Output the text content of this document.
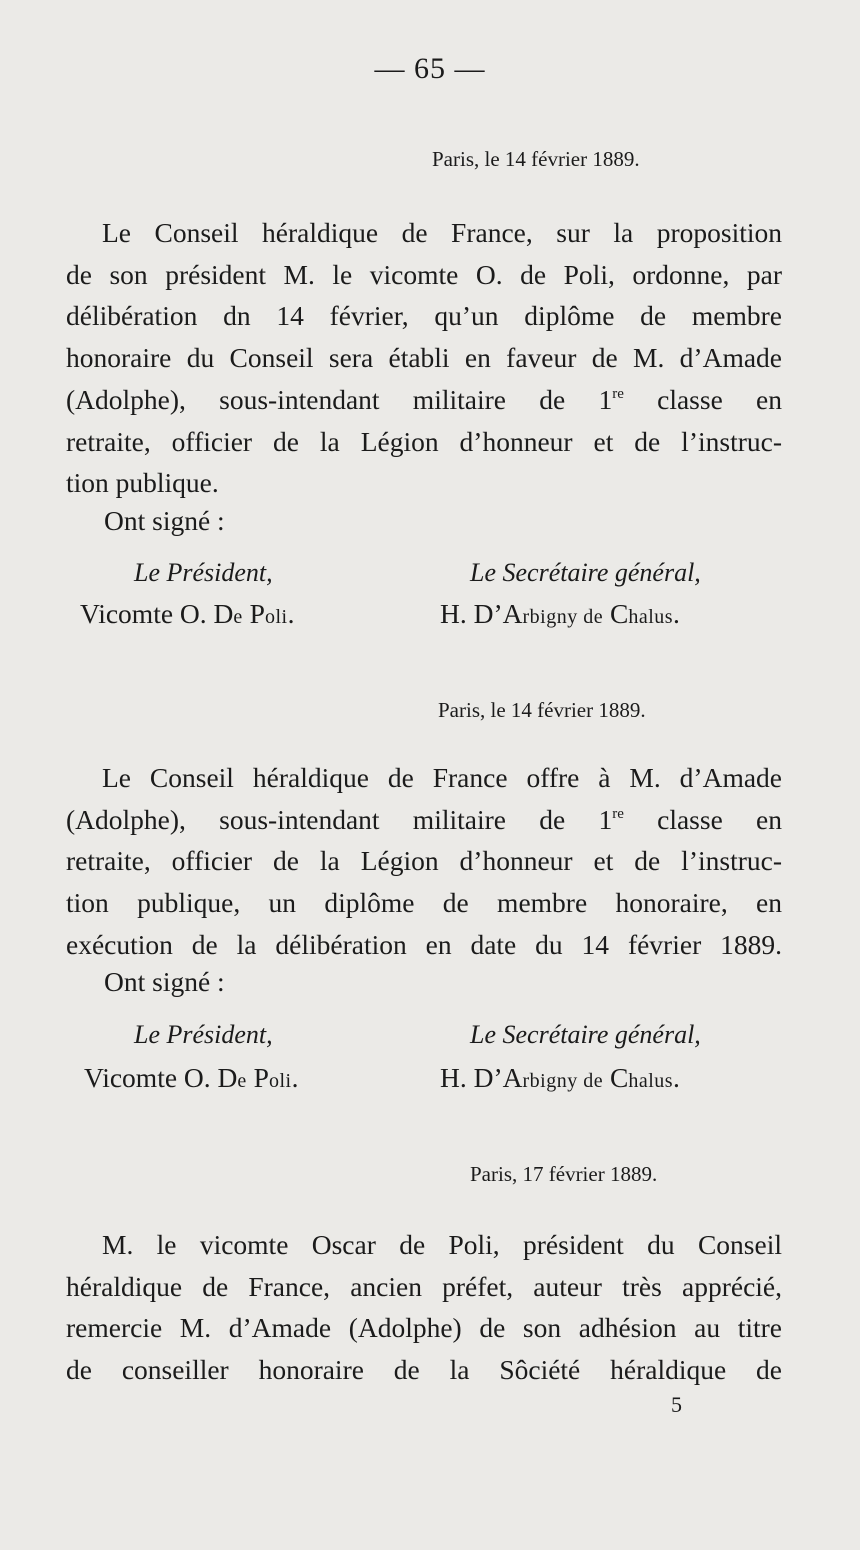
— 65 —
Paris, le 14 février 1889.
Le Conseil héraldique de France, sur la proposition
de son président M. le vicomte O. de Poli, ordonne, par
délibération dn 14 février, qu’un diplôme de membre
honoraire du Conseil sera établi en faveur de M. d’Amade
(Adolphe), sous-intendant militaire de 1re classe en
retraite, officier de la Légion d’honneur et de l’instruc-
tion publique.
Ont signé :
Le Président,	Le Secrétaire général,
Vicomte O. De Poli.	H. D’Arbigny de Chalus.
Paris, le 14 février 1889.
Le Conseil héraldique de France offre à M. d’Amade
(Adolphe), sous-intendant militaire de 1re classe en
retraite, officier de la Légion d’honneur et de l’instruc-
tion publique, un diplôme de membre honoraire, en
exécution de la délibération en date du 14 février 1889.
Ont signé :
Le Président,	Le Secrétaire général,
Vicomte O. De Poli.	H. D’Arbigny de Chalus.
Paris, 17 février 1889.
M. le vicomte Oscar de Poli, président du Conseil
héraldique de France, ancien préfet, auteur très apprécié,
remercie M. d’Amade (Adolphe) de son adhésion au titre
de conseiller honoraire de la Sôciété héraldique de
5
